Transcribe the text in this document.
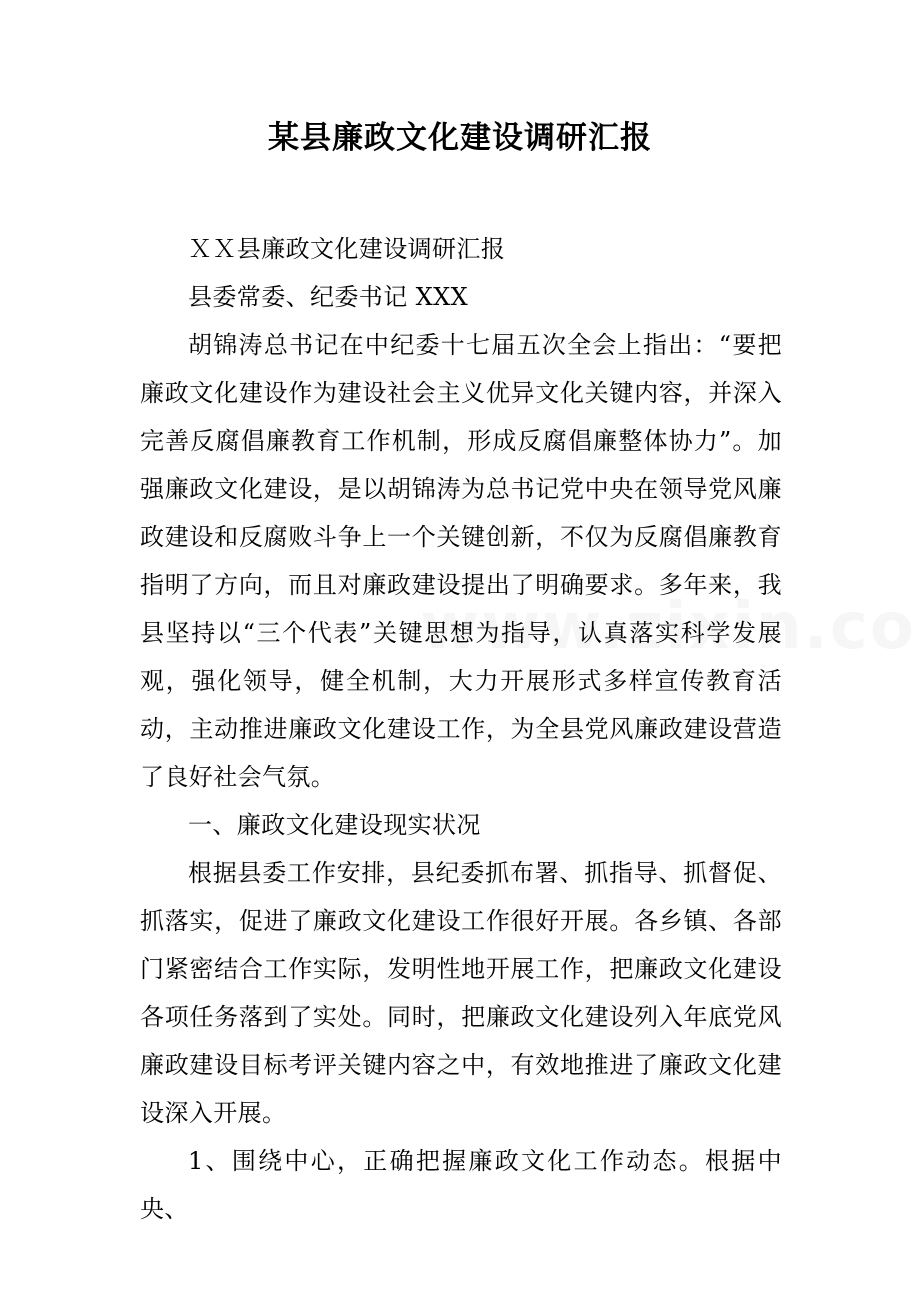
某县廉政文化建设调研汇报

ＸＸ县廉政文化建设调研汇报

县委常委、纪委书记 XXX

胡锦涛总书记在中纪委十七届五次全会上指出：“要把廉政文化建设作为建设社会主义优异文化关键内容，并深入完善反腐倡廉教育工作机制，形成反腐倡廉整体协力”。加强廉政文化建设，是以胡锦涛为总书记党中央在领导党风廉政建设和反腐败斗争上一个关键创新，不仅为反腐倡廉教育指明了方向，而且对廉政建设提出了明确要求。多年来，我县坚持以“三个代表”关键思想为指导，认真落实科学发展观，强化领导，健全机制，大力开展形式多样宣传教育活动，主动推进廉政文化建设工作，为全县党风廉政建设营造了良好社会气氛。

一、廉政文化建设现实状况

根据县委工作安排，县纪委抓布署、抓指导、抓督促、抓落实，促进了廉政文化建设工作很好开展。各乡镇、各部门紧密结合工作实际，发明性地开展工作，把廉政文化建设各项任务落到了实处。同时，把廉政文化建设列入年底党风廉政建设目标考评关键内容之中，有效地推进了廉政文化建设深入开展。

1、围绕中心，正确把握廉政文化工作动态。根据中央、
